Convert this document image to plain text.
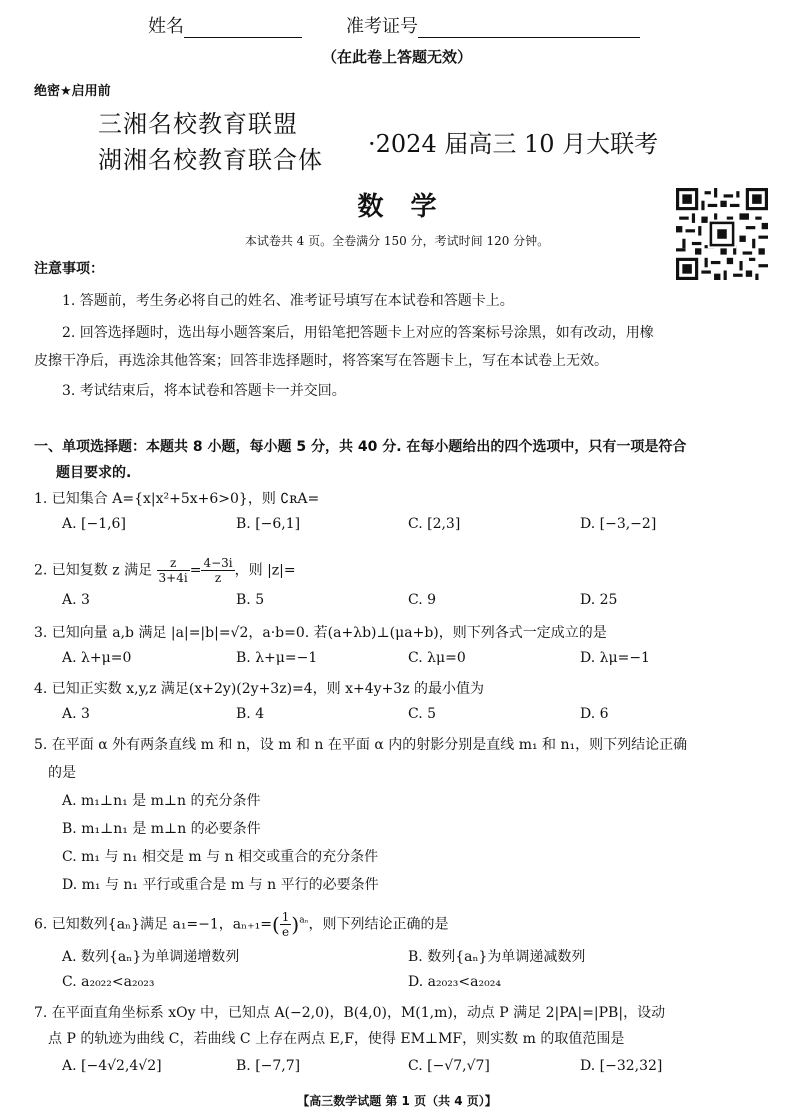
姓名	准考证号
（在此卷上答题无效）
绝密★启用前
三湘名校教育联盟
湖湘名校教育联合体
·2024 届高三 10 月大联考
数 学
本试卷共 4 页。全卷满分 150 分，考试时间 120 分钟。
注意事项：
1. 答题前，考生务必将自己的姓名、准考证号填写在本试卷和答题卡上。
2. 回答选择题时，选出每小题答案后，用铅笔把答题卡上对应的答案标号涂黑，如有改动，用橡
皮擦干净后，再选涂其他答案；回答非选择题时，将答案写在答题卡上，写在本试卷上无效。
3. 考试结束后，将本试卷和答题卡一并交回。
一、单项选择题：本题共 8 小题，每小题 5 分，共 40 分. 在每小题给出的四个选项中，只有一项是符合
题目要求的.
1. 已知集合 A={x|x²+5x+6>0}，则 ∁ʀA=
A. [−1,6]	B. [−6,1]	C. [2,3]	D. [−3,−2]
2. 已知复数 z 满足 $\frac{z}{3+4i} = \frac{4-3i}{z}$ ，则 |z|=
A. 3	B. 5	C. 9	D. 25
3. 已知向量 a,b 满足 |a|=|b|=√2，a·b=0. 若(a+λb)⊥(μa+b)，则下列各式一定成立的是
A. λ+μ=0	B. λ+μ=−1	C. λμ=0	D. λμ=−1
4. 已知正实数 x,y,z 满足(x+2y)(2y+3z)=4，则 x+4y+3z 的最小值为
A. 3	B. 4	C. 5	D. 6
5. 在平面 α 外有两条直线 m 和 n，设 m 和 n 在平面 α 内的射影分别是直线 m₁ 和 n₁，则下列结论正确
的是
A. m₁⊥n₁ 是 m⊥n 的充分条件
B. m₁⊥n₁ 是 m⊥n 的必要条件
C. m₁ 与 n₁ 相交是 m 与 n 相交或重合的充分条件
D. m₁ 与 n₁ 平行或重合是 m 与 n 平行的必要条件
6. 已知数列{aₙ}满足 a₁=−1，$a_{n+1}=( \frac{1}{e} )^{a_n}$，则下列结论正确的是
A. 数列{aₙ}为单调递增数列	B. 数列{aₙ}为单调递减数列
C. a₂₀₂₂<a₂₀₂₃	D. a₂₀₂₃<a₂₀₂₄
7. 在平面直角坐标系 xOy 中，已知点 A(−2,0)，B(4,0)，M(1,m)，动点 P 满足 2|PA|=|PB|，设动
点 P 的轨迹为曲线 C，若曲线 C 上存在两点 E,F，使得 EM⊥MF，则实数 m 的取值范围是
A. [−4√2,4√2]	B. [−7,7]	C. [−√7,√7]	D. [−32,32]
【高三数学试题 第 1 页（共 4 页）】
